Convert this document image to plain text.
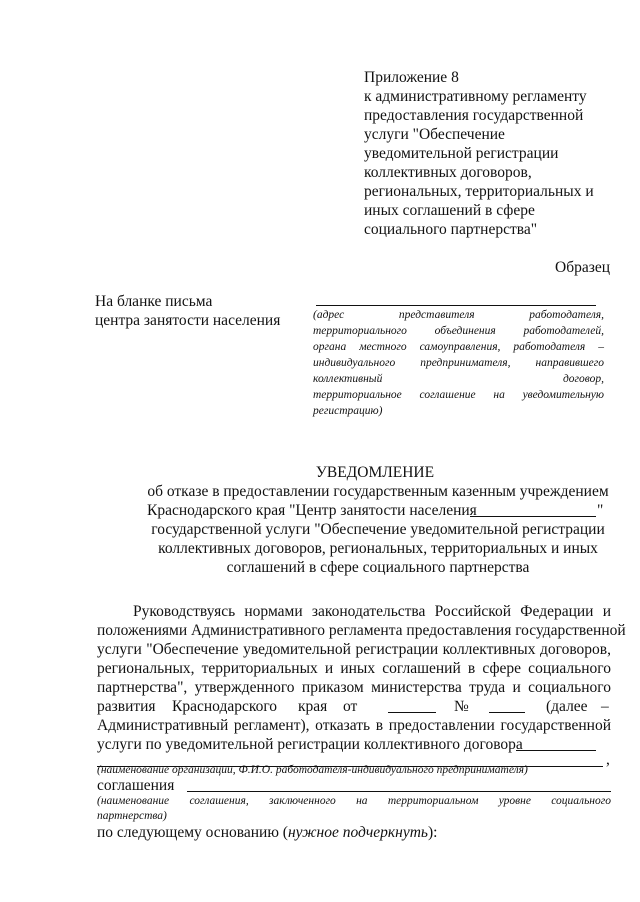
Приложение 8
к административному регламенту
предоставления государственной
услуги "Обеспечение
уведомительной регистрации
коллективных договоров,
региональных, территориальных и
иных соглашений в сфере
социального партнерства"
Образец
На бланке письма
центра занятости населения	(адрес представителя работодателя,
территориального объединения работодателей,
органа местного самоуправления, работодателя –
индивидуального предпринимателя, направившего
коллективный договор,
территориальное соглашение на уведомительную
регистрацию)
УВЕДОМЛЕНИЕ
об отказе в предоставлении государственным казенным учреждением
Краснодарского края "Центр занятости населения	"
государственной услуги "Обеспечение уведомительной регистрации
коллективных договоров, региональных, территориальных и иных
соглашений в сфере социального партнерства
Руководствуясь нормами законодательства Российской Федерации и
положениями Административного регламента предоставления государственной
услуги "Обеспечение уведомительной регистрации коллективных договоров,
региональных, территориальных и иных соглашений в сфере социального
партнерства", утвержденного приказом министерства труда и социального
развития Краснодарского края от	№	(далее –
Административный регламент), отказать в предоставлении государственной
услуги по уведомительной регистрации коллективного договора
,
(наименование организации, Ф.И.О. работодателя-индивидуального предпринимателя)
соглашения
(наименование соглашения, заключенного на территориальном уровне социального
партнерства)
по следующему основанию (нужное подчеркнуть):
